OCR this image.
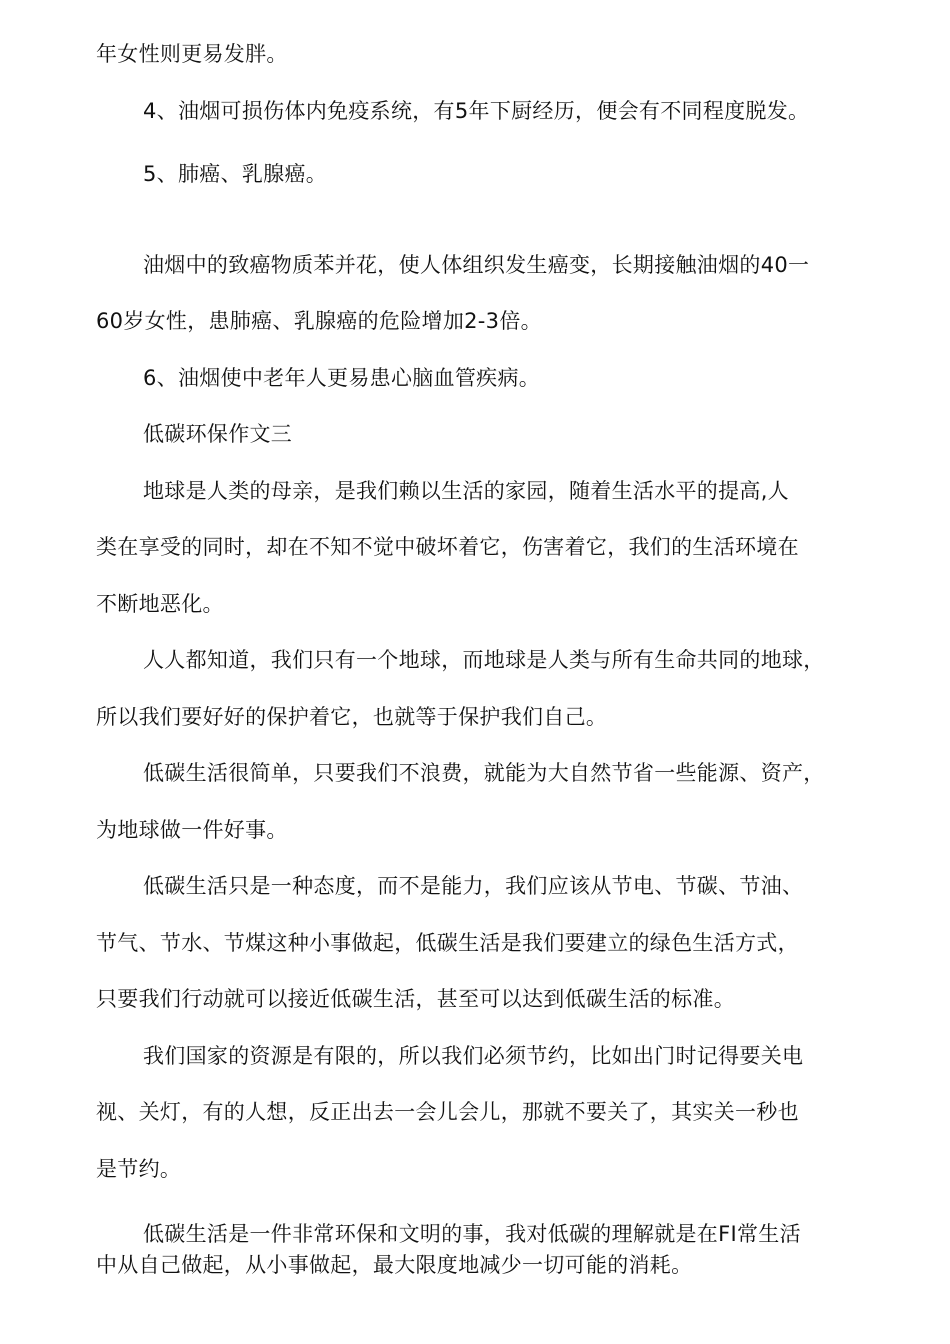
年女性则更易发胖。
4、油烟可损伤体内免疫系统，有5年下厨经历，便会有不同程度脱发。
5、肺癌、乳腺癌。
油烟中的致癌物质苯并花，使人体组织发生癌变，长期接触油烟的40一
60岁女性，患肺癌、乳腺癌的危险增加2-3倍。
6、油烟使中老年人更易患心脑血管疾病。
低碳环保作文三
地球是人类的母亲，是我们赖以生活的家园，随着生活水平的提高,人
类在享受的同时，却在不知不觉中破坏着它，伤害着它，我们的生活环境在
不断地恶化。
人人都知道，我们只有一个地球，而地球是人类与所有生命共同的地球，
所以我们要好好的保护着它，也就等于保护我们自己。
低碳生活很简单，只要我们不浪费，就能为大自然节省一些能源、资产，
为地球做一件好事。
低碳生活只是一种态度，而不是能力，我们应该从节电、节碳、节油、
节气、节水、节煤这种小事做起，低碳生活是我们要建立的绿色生活方式，
只要我们行动就可以接近低碳生活，甚至可以达到低碳生活的标准。
我们国家的资源是有限的，所以我们必须节约，比如出门时记得要关电
视、关灯，有的人想，反正出去一会儿会儿，那就不要关了，其实关一秒也
是节约。
低碳生活是一件非常环保和文明的事，我对低碳的理解就是在FI常生活
中从自己做起，从小事做起，最大限度地减少一切可能的消耗。
